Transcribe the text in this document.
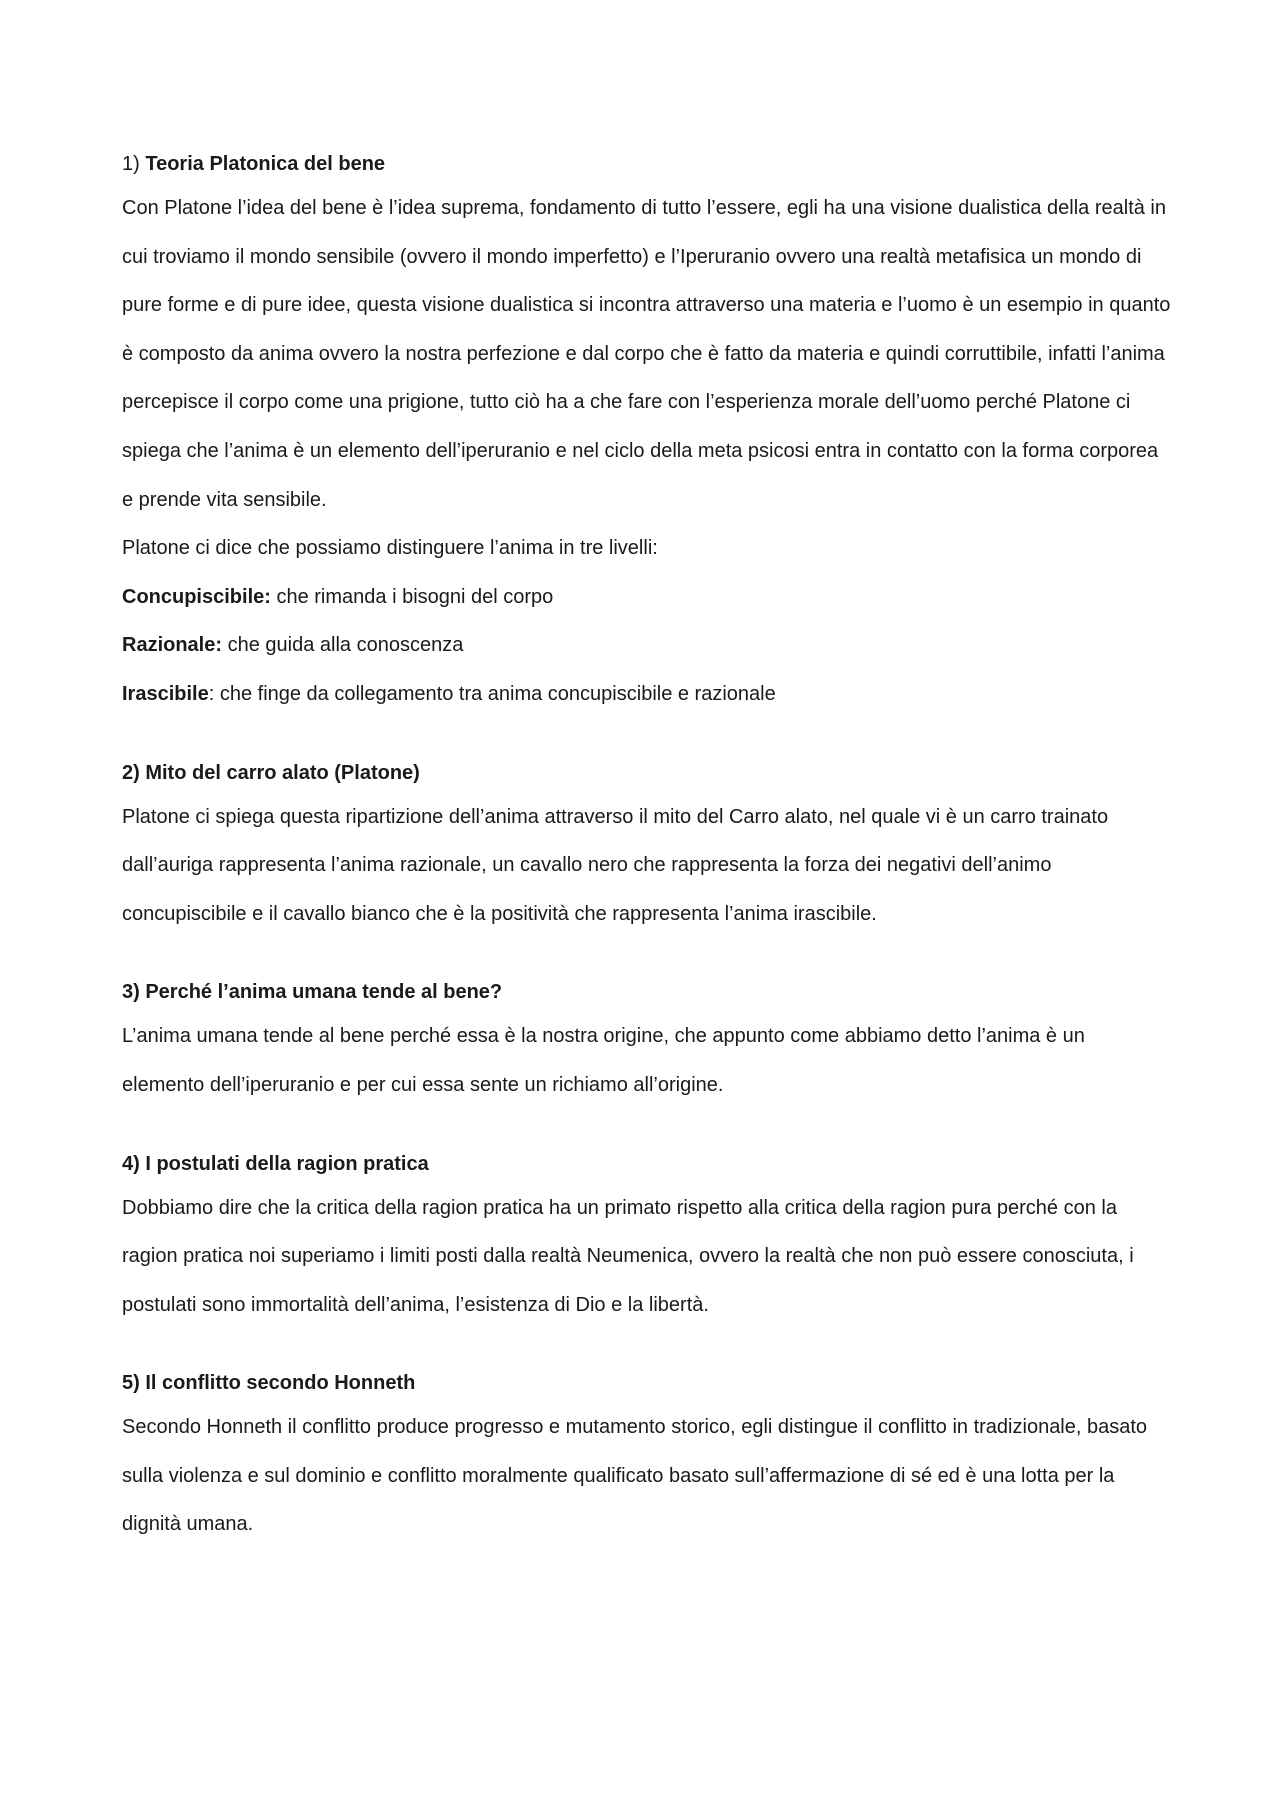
1) Teoria Platonica del bene

Con Platone l’idea del bene è l’idea suprema, fondamento di tutto l’essere, egli ha una visione dualistica della realtà in cui troviamo il mondo sensibile (ovvero il mondo imperfetto) e l’Iperuranio ovvero una realtà metafisica un mondo di pure forme e di pure idee, questa visione dualistica si incontra attraverso una materia e l’uomo è un esempio in quanto è composto da anima ovvero la nostra perfezione e dal corpo che è fatto da materia e quindi corruttibile, infatti l’anima percepisce il corpo come una prigione, tutto ciò ha a che fare con l’esperienza morale dell’uomo perché Platone ci spiega che l’anima è un elemento dell’iperuranio e nel ciclo della meta psicosi entra in contatto con la forma corporea e prende vita sensibile.

Platone ci dice che possiamo distinguere l’anima in tre livelli:

Concupiscibile: che rimanda i bisogni del corpo

Razionale: che guida alla conoscenza

Irascibile: che finge da collegamento tra anima concupiscibile e razionale

2) Mito del carro alato (Platone)

Platone ci spiega questa ripartizione dell’anima attraverso il mito del Carro alato, nel quale vi è un carro trainato dall’auriga rappresenta l’anima razionale, un cavallo nero che rappresenta la forza dei negativi dell’animo concupiscibile e il cavallo bianco che è la positività che rappresenta l’anima irascibile.

3) Perché l’anima umana tende al bene?

L’anima umana tende al bene perché essa è la nostra origine, che appunto come abbiamo detto l’anima è un elemento dell’iperuranio e per cui essa sente un richiamo all’origine.

4) I postulati della ragion pratica

Dobbiamo dire che la critica della ragion pratica ha un primato rispetto alla critica della ragion pura perché con la ragion pratica noi superiamo i limiti posti dalla realtà Neumenica, ovvero la realtà che non può essere conosciuta, i postulati sono immortalità dell’anima, l’esistenza di Dio e la libertà.

5) Il conflitto secondo Honneth

Secondo Honneth il conflitto produce progresso e mutamento storico, egli distingue il conflitto in tradizionale, basato sulla violenza e sul dominio e conflitto moralmente qualificato basato sull’affermazione di sé ed è una lotta per la dignità umana.
